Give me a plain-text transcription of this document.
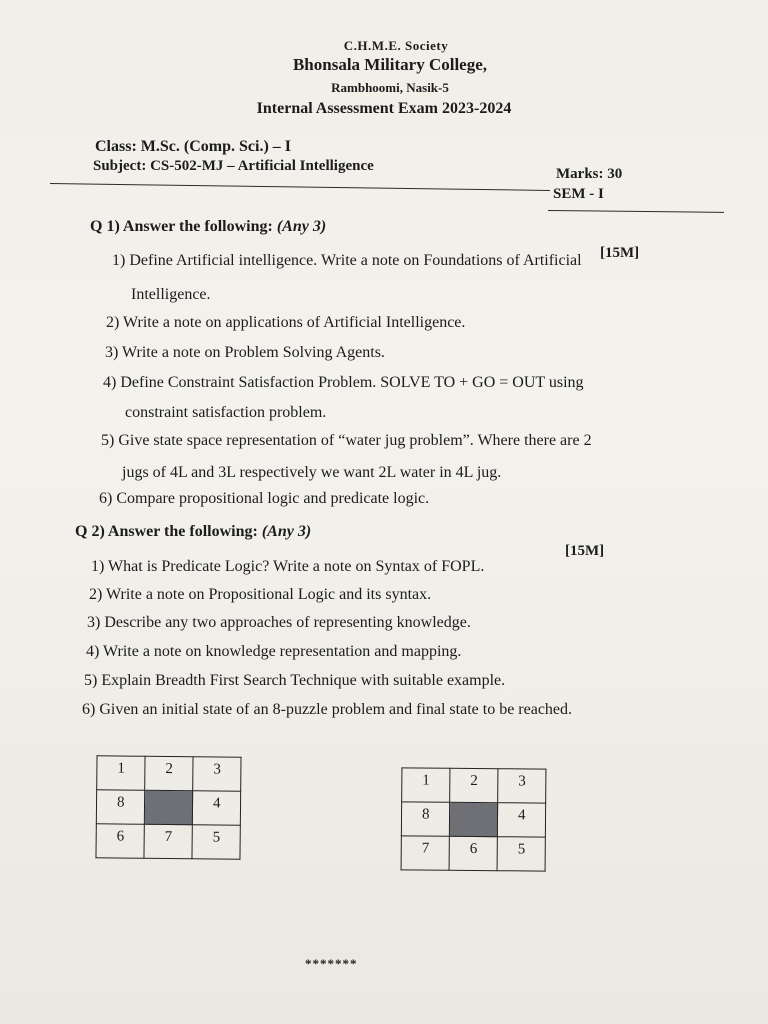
C.H.M.E. Society
Bhonsala Military College,
Rambhoomi, Nasik-5
Internal Assessment Exam 2023-2024
Class: M.Sc. (Comp. Sci.) – I
Subject: CS-502-MJ – Artificial Intelligence	Marks: 30
SEM - I
Q 1) Answer the following: (Any 3)
[15M]
1) Define Artificial intelligence. Write a note on Foundations of Artificial
Intelligence.
2) Write a note on applications of Artificial Intelligence.
3) Write a note on Problem Solving Agents.
4) Define Constraint Satisfaction Problem. SOLVE TO + GO = OUT using
constraint satisfaction problem.
5) Give state space representation of “water jug problem”. Where there are 2
jugs of 4L and 3L respectively we want 2L water in 4L jug.
6) Compare propositional logic and predicate logic.
Q 2) Answer the following: (Any 3)
[15M]
1) What is Predicate Logic? Write a note on Syntax of FOPL.
2) Write a note on Propositional Logic and its syntax.
3) Describe any two approaches of representing knowledge.
4) Write a note on knowledge representation and mapping.
5) Explain Breadth First Search Technique with suitable example.
6) Given an initial state of an 8-puzzle problem and final state to be reached.
1	2	3
8		4
6	7	5
1	2	3
8		4
7	6	5
*******
